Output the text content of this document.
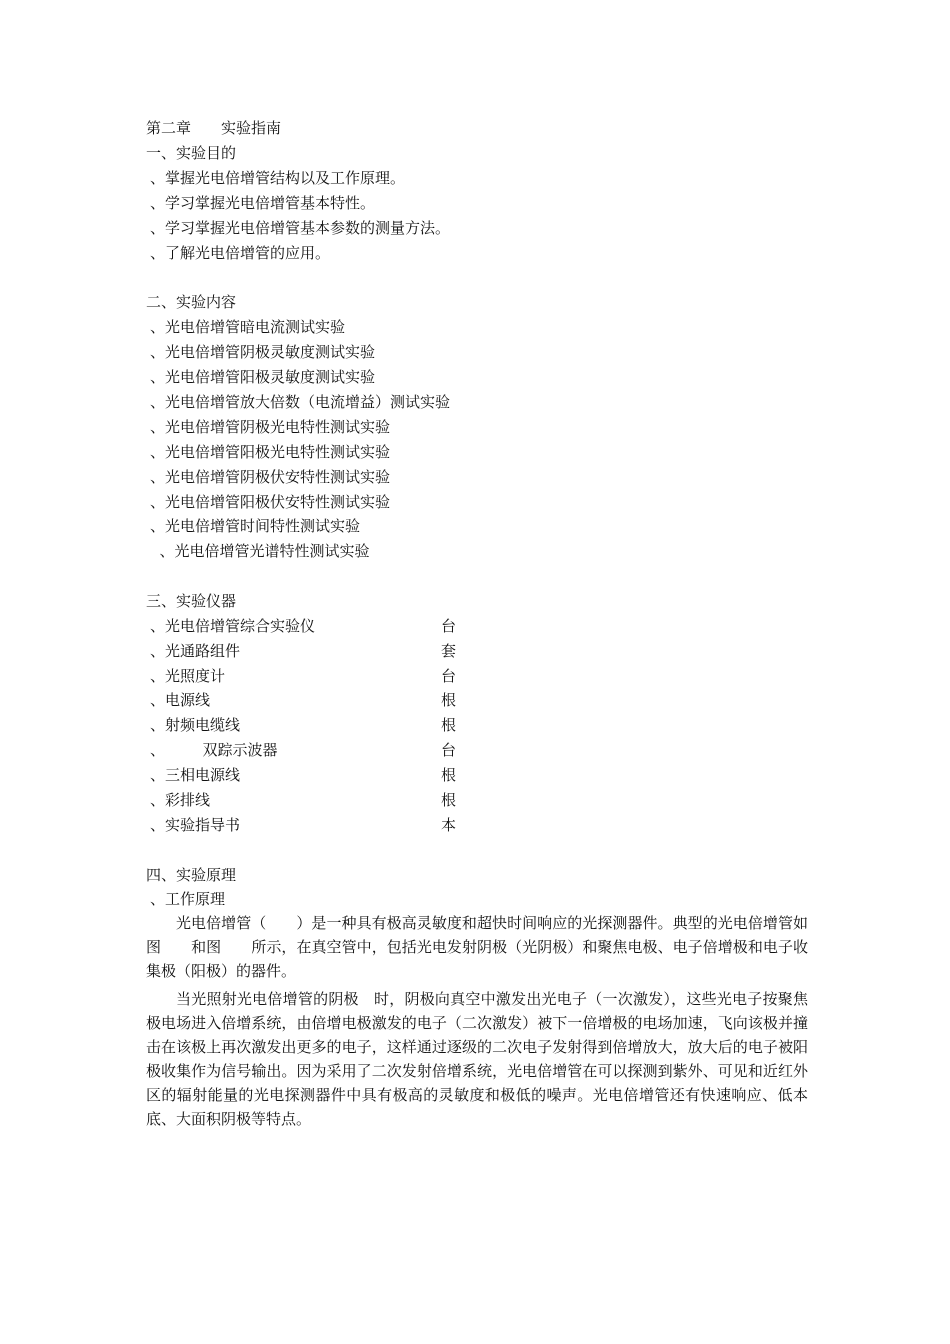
第二章　　实验指南
一、实验目的
、掌握光电倍增管结构以及工作原理。
、学习掌握光电倍增管基本特性。
、学习掌握光电倍增管基本参数的测量方法。
、了解光电倍增管的应用。
二、实验内容
、光电倍增管暗电流测试实验
、光电倍增管阴极灵敏度测试实验
、光电倍增管阳极灵敏度测试实验
、光电倍增管放大倍数（电流增益）测试实验
、光电倍增管阴极光电特性测试实验
、光电倍增管阳极光电特性测试实验
、光电倍增管阴极伏安特性测试实验
、光电倍增管阳极伏安特性测试实验
、光电倍增管时间特性测试实验
、光电倍增管光谱特性测试实验
三、实验仪器
、光电倍增管综合实验仪	台
、光通路组件	套
、光照度计	台
、电源线	根
、射频电缆线	根
、　　　双踪示波器	台
、三相电源线	根
、彩排线	根
、实验指导书	本
四、实验原理
、工作原理

光电倍增管（　　）是一种具有极高灵敏度和超快时间响应的光探测器件。典型的光电倍增管如图　　和图　　所示，在真空管中，包括光电发射阴极（光阴极）和聚焦电极、电子倍增极和电子收集极（阳极）的器件。

当光照射光电倍增管的阴极　时，阴极向真空中激发出光电子（一次激发），这些光电子按聚焦极电场进入倍增系统，由倍增电极激发的电子（二次激发）被下一倍增极的电场加速，飞向该极并撞击在该极上再次激发出更多的电子，这样通过逐级的二次电子发射得到倍增放大，放大后的电子被阳极收集作为信号输出。因为采用了二次发射倍增系统，光电倍增管在可以探测到紫外、可见和近红外区的辐射能量的光电探测器件中具有极高的灵敏度和极低的噪声。光电倍增管还有快速响应、低本底、大面积阴极等特点。
